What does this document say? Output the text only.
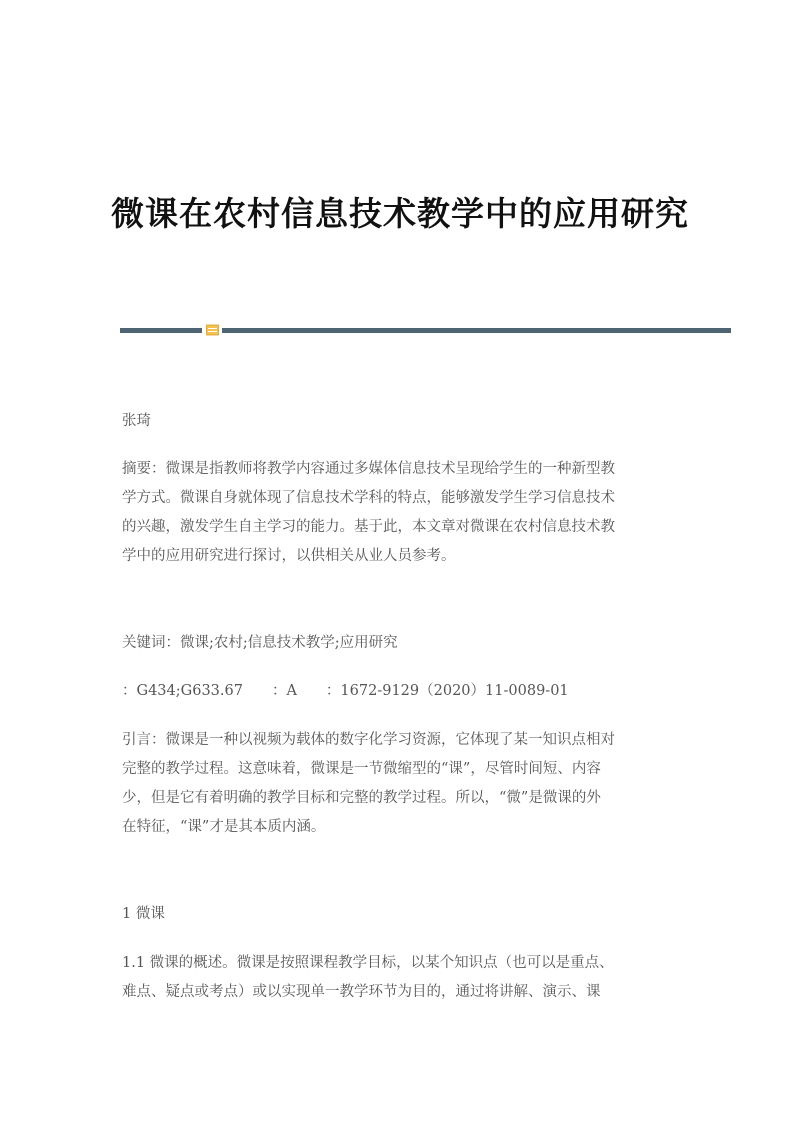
微课在农村信息技术教学中的应用研究
张琦

摘要：微课是指教师将教学内容通过多媒体信息技术呈现给学生的一种新型教

学方式。微课自身就体现了信息技术学科的特点，能够激发学生学习信息技术

的兴趣，激发学生自主学习的能力。基于此，本文章对微课在农村信息技术教

学中的应用研究进行探讨，以供相关从业人员参考。

关键词：微课;农村;信息技术教学;应用研究
：G434;G633.67　　：A　　：1672-9129（2020）11-0089-01

引言：微课是一种以视频为载体的数字化学习资源，它体现了某一知识点相对

完整的教学过程。这意味着，微课是一节微缩型的“课”，尽管时间短、内容

少，但是它有着明确的教学目标和完整的教学过程。所以，“微”是微课的外

在特征，“课”才是其本质内涵。

1 微课

1.1 微课的概述。微课是按照课程教学目标，以某个知识点（也可以是重点、

难点、疑点或考点）或以实现单一教学环节为目的，通过将讲解、演示、课
